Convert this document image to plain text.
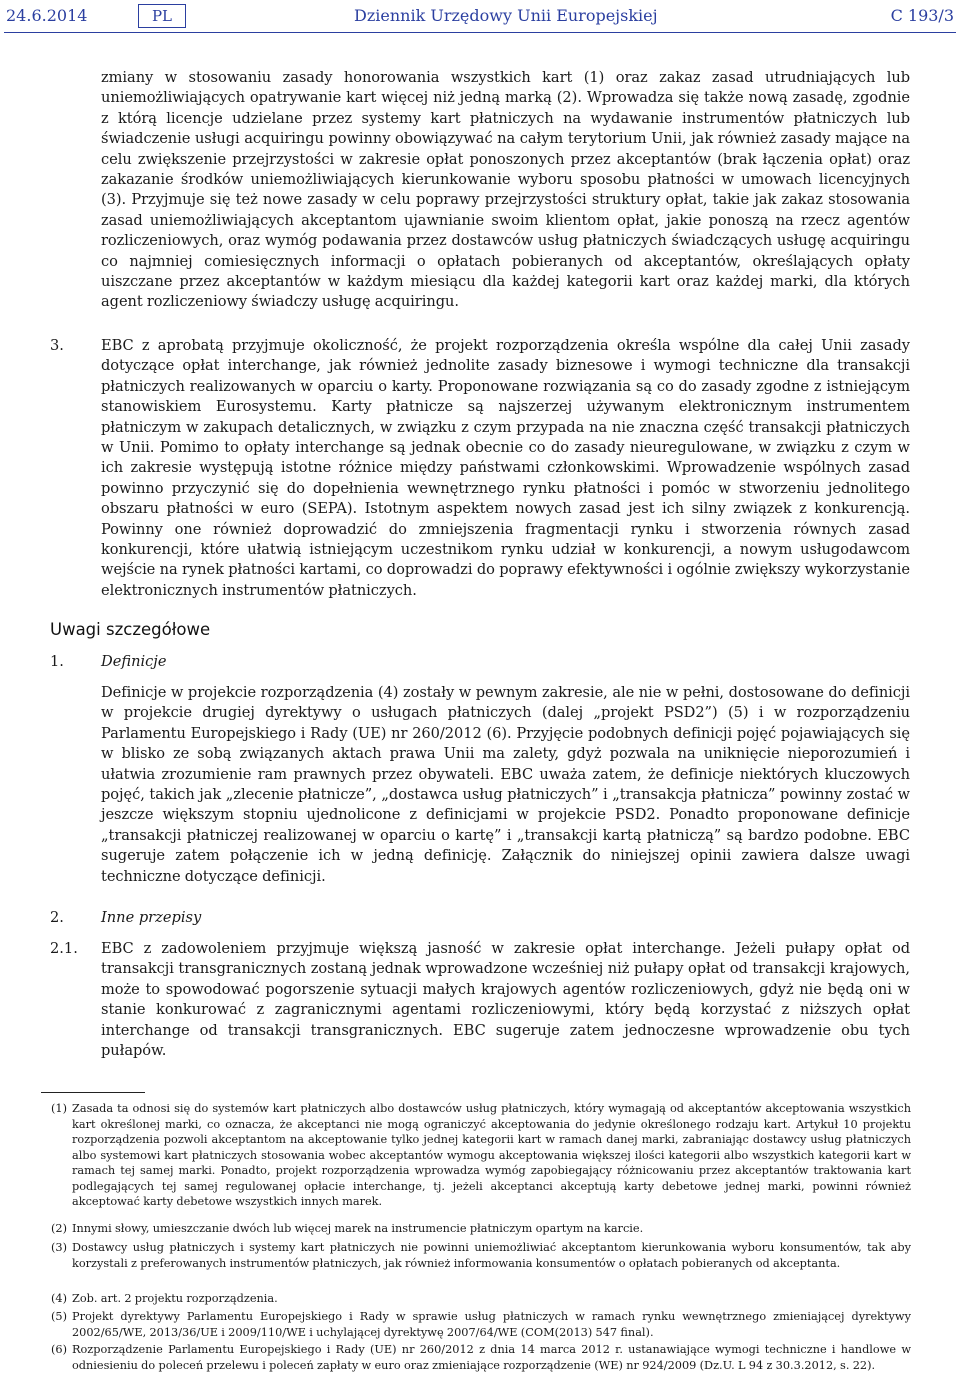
24.6.2014	PL	Dziennik Urzędowy Unii Europejskiej	C 193/3
zmiany w stosowaniu zasady honorowania wszystkich kart (1) oraz zakaz zasad utrudniających lub uniemożliwiających opatrywanie kart więcej niż jedną marką (2). Wprowadza się także nową zasadę, zgodnie z którą licencje udzielane przez systemy kart płatniczych na wydawanie instrumentów płatniczych lub świadczenie usługi acquiringu powinny obowiązywać na całym terytorium Unii, jak również zasady mające na celu zwiększenie przejrzystości w zakresie opłat ponoszonych przez akceptantów (brak łączenia opłat) oraz zakazanie środków uniemożliwiających kierunkowanie wyboru sposobu płatności w umowach licencyjnych (3). Przyjmuje się też nowe zasady w celu poprawy przejrzystości struktury opłat, takie jak zakaz stosowania zasad uniemożliwiających akceptantom ujawnianie swoim klientom opłat, jakie ponoszą na rzecz agentów rozliczeniowych, oraz wymóg podawania przez dostawców usług płatniczych świadczących usługę acquiringu co najmniej comiesięcznych informacji o opłatach pobieranych od akceptantów, określających opłaty uiszczane przez akceptantów w każdym miesiącu dla każdej kategorii kart oraz każdej marki, dla których agent rozliczeniowy świadczy usługę acquiringu.
3.	EBC z aprobatą przyjmuje okoliczność, że projekt rozporządzenia określa wspólne dla całej Unii zasady dotyczące opłat interchange, jak również jednolite zasady biznesowe i wymogi techniczne dla transakcji płatniczych realizowanych w oparciu o karty. Proponowane rozwiązania są co do zasady zgodne z istniejącym stanowiskiem Eurosystemu. Karty płatnicze są najszerzej używanym elektronicznym instrumentem płatniczym w zakupach detalicznych, w związku z czym przypada na nie znaczna część transakcji płatniczych w Unii. Pomimo to opłaty interchange są jednak obecnie co do zasady nieuregulowane, w związku z czym w ich zakresie występują istotne różnice między państwami członkowskimi. Wprowadzenie wspólnych zasad powinno przyczynić się do dopełnienia wewnętrznego rynku płatności i pomóc w stworzeniu jednolitego obszaru płatności w euro (SEPA). Istotnym aspektem nowych zasad jest ich silny związek z konkurencją. Powinny one również doprowadzić do zmniejszenia fragmentacji rynku i stworzenia równych zasad konkurencji, które ułatwią istniejącym uczestnikom rynku udział w konkurencji, a nowym usługodawcom wejście na rynek płatności kartami, co doprowadzi do poprawy efektywności i ogólnie zwiększy wykorzystanie elektronicznych instrumentów płatniczych.
Uwagi szczegółowe
1.	Definicje
Definicje w projekcie rozporządzenia (4) zostały w pewnym zakresie, ale nie w pełni, dostosowane do definicji w projekcie drugiej dyrektywy o usługach płatniczych (dalej „projekt PSD2”) (5) i w rozporządzeniu Parlamentu Europejskiego i Rady (UE) nr 260/2012 (6). Przyjęcie podobnych definicji pojęć pojawiających się w blisko ze sobą związanych aktach prawa Unii ma zalety, gdyż pozwala na uniknięcie nieporozumień i ułatwia zrozumienie ram prawnych przez obywateli. EBC uważa zatem, że definicje niektórych kluczowych pojęć, takich jak „zlecenie płatnicze”, „dostawca usług płatniczych” i „transakcja płatnicza” powinny zostać w jeszcze większym stopniu ujednolicone z definicjami w projekcie PSD2. Ponadto proponowane definicje „transakcji płatniczej realizowanej w oparciu o kartę” i „transakcji kartą płatniczą” są bardzo podobne. EBC sugeruje zatem połączenie ich w jedną definicję. Załącznik do niniejszej opinii zawiera dalsze uwagi techniczne dotyczące definicji.
2.	Inne przepisy
2.1. EBC z zadowoleniem przyjmuje większą jasność w zakresie opłat interchange. Jeżeli pułapy opłat od transakcji transgranicznych zostaną jednak wprowadzone wcześniej niż pułapy opłat od transakcji krajowych, może to spowodować pogorszenie sytuacji małych krajowych agentów rozliczeniowych, gdyż nie będą oni w stanie konkurować z zagranicznymi agentami rozliczeniowymi, który będą korzystać z niższych opłat interchange od transakcji transgranicznych. EBC sugeruje zatem jednoczesne wprowadzenie obu tych pułapów.
(1) Zasada ta odnosi się do systemów kart płatniczych albo dostawców usług płatniczych, który wymagają od akceptantów akceptowania wszystkich kart określonej marki, co oznacza, że akceptanci nie mogą ograniczyć akceptowania do jedynie określonego rodzaju kart. Artykuł 10 projektu rozporządzenia pozwoli akceptantom na akceptowanie tylko jednej kategorii kart w ramach danej marki, zabraniając dostawcy usług płatniczych albo systemowi kart płatniczych stosowania wobec akceptantów wymogu akceptowania większej ilości kategorii albo wszystkich kategorii kart w ramach tej samej marki. Ponadto, projekt rozporządzenia wprowadza wymóg zapobiegający różnicowaniu przez akceptantów traktowania kart podlegających tej samej regulowanej opłacie interchange, tj. jeżeli akceptanci akceptują karty debetowe jednej marki, powinni również akceptować karty debetowe wszystkich innych marek.
(2) Innymi słowy, umieszczanie dwóch lub więcej marek na instrumencie płatniczym opartym na karcie.
(3) Dostawcy usług płatniczych i systemy kart płatniczych nie powinni uniemożliwiać akceptantom kierunkowania wyboru konsumentów, tak aby korzystali z preferowanych instrumentów płatniczych, jak również informowania konsumentów o opłatach pobieranych od akceptanta.
(4) Zob. art. 2 projektu rozporządzenia.
(5) Projekt dyrektywy Parlamentu Europejskiego i Rady w sprawie usług płatniczych w ramach rynku wewnętrznego zmieniającej dyrektywy 2002/65/WE, 2013/36/UE i 2009/110/WE i uchylającej dyrektywę 2007/64/WE (COM(2013) 547 final).
(6) Rozporządzenie Parlamentu Europejskiego i Rady (UE) nr 260/2012 z dnia 14 marca 2012 r. ustanawiające wymogi techniczne i handlowe w odniesieniu do poleceń przelewu i poleceń zapłaty w euro oraz zmieniające rozporządzenie (WE) nr 924/2009 (Dz.U. L 94 z 30.3.2012, s. 22).
